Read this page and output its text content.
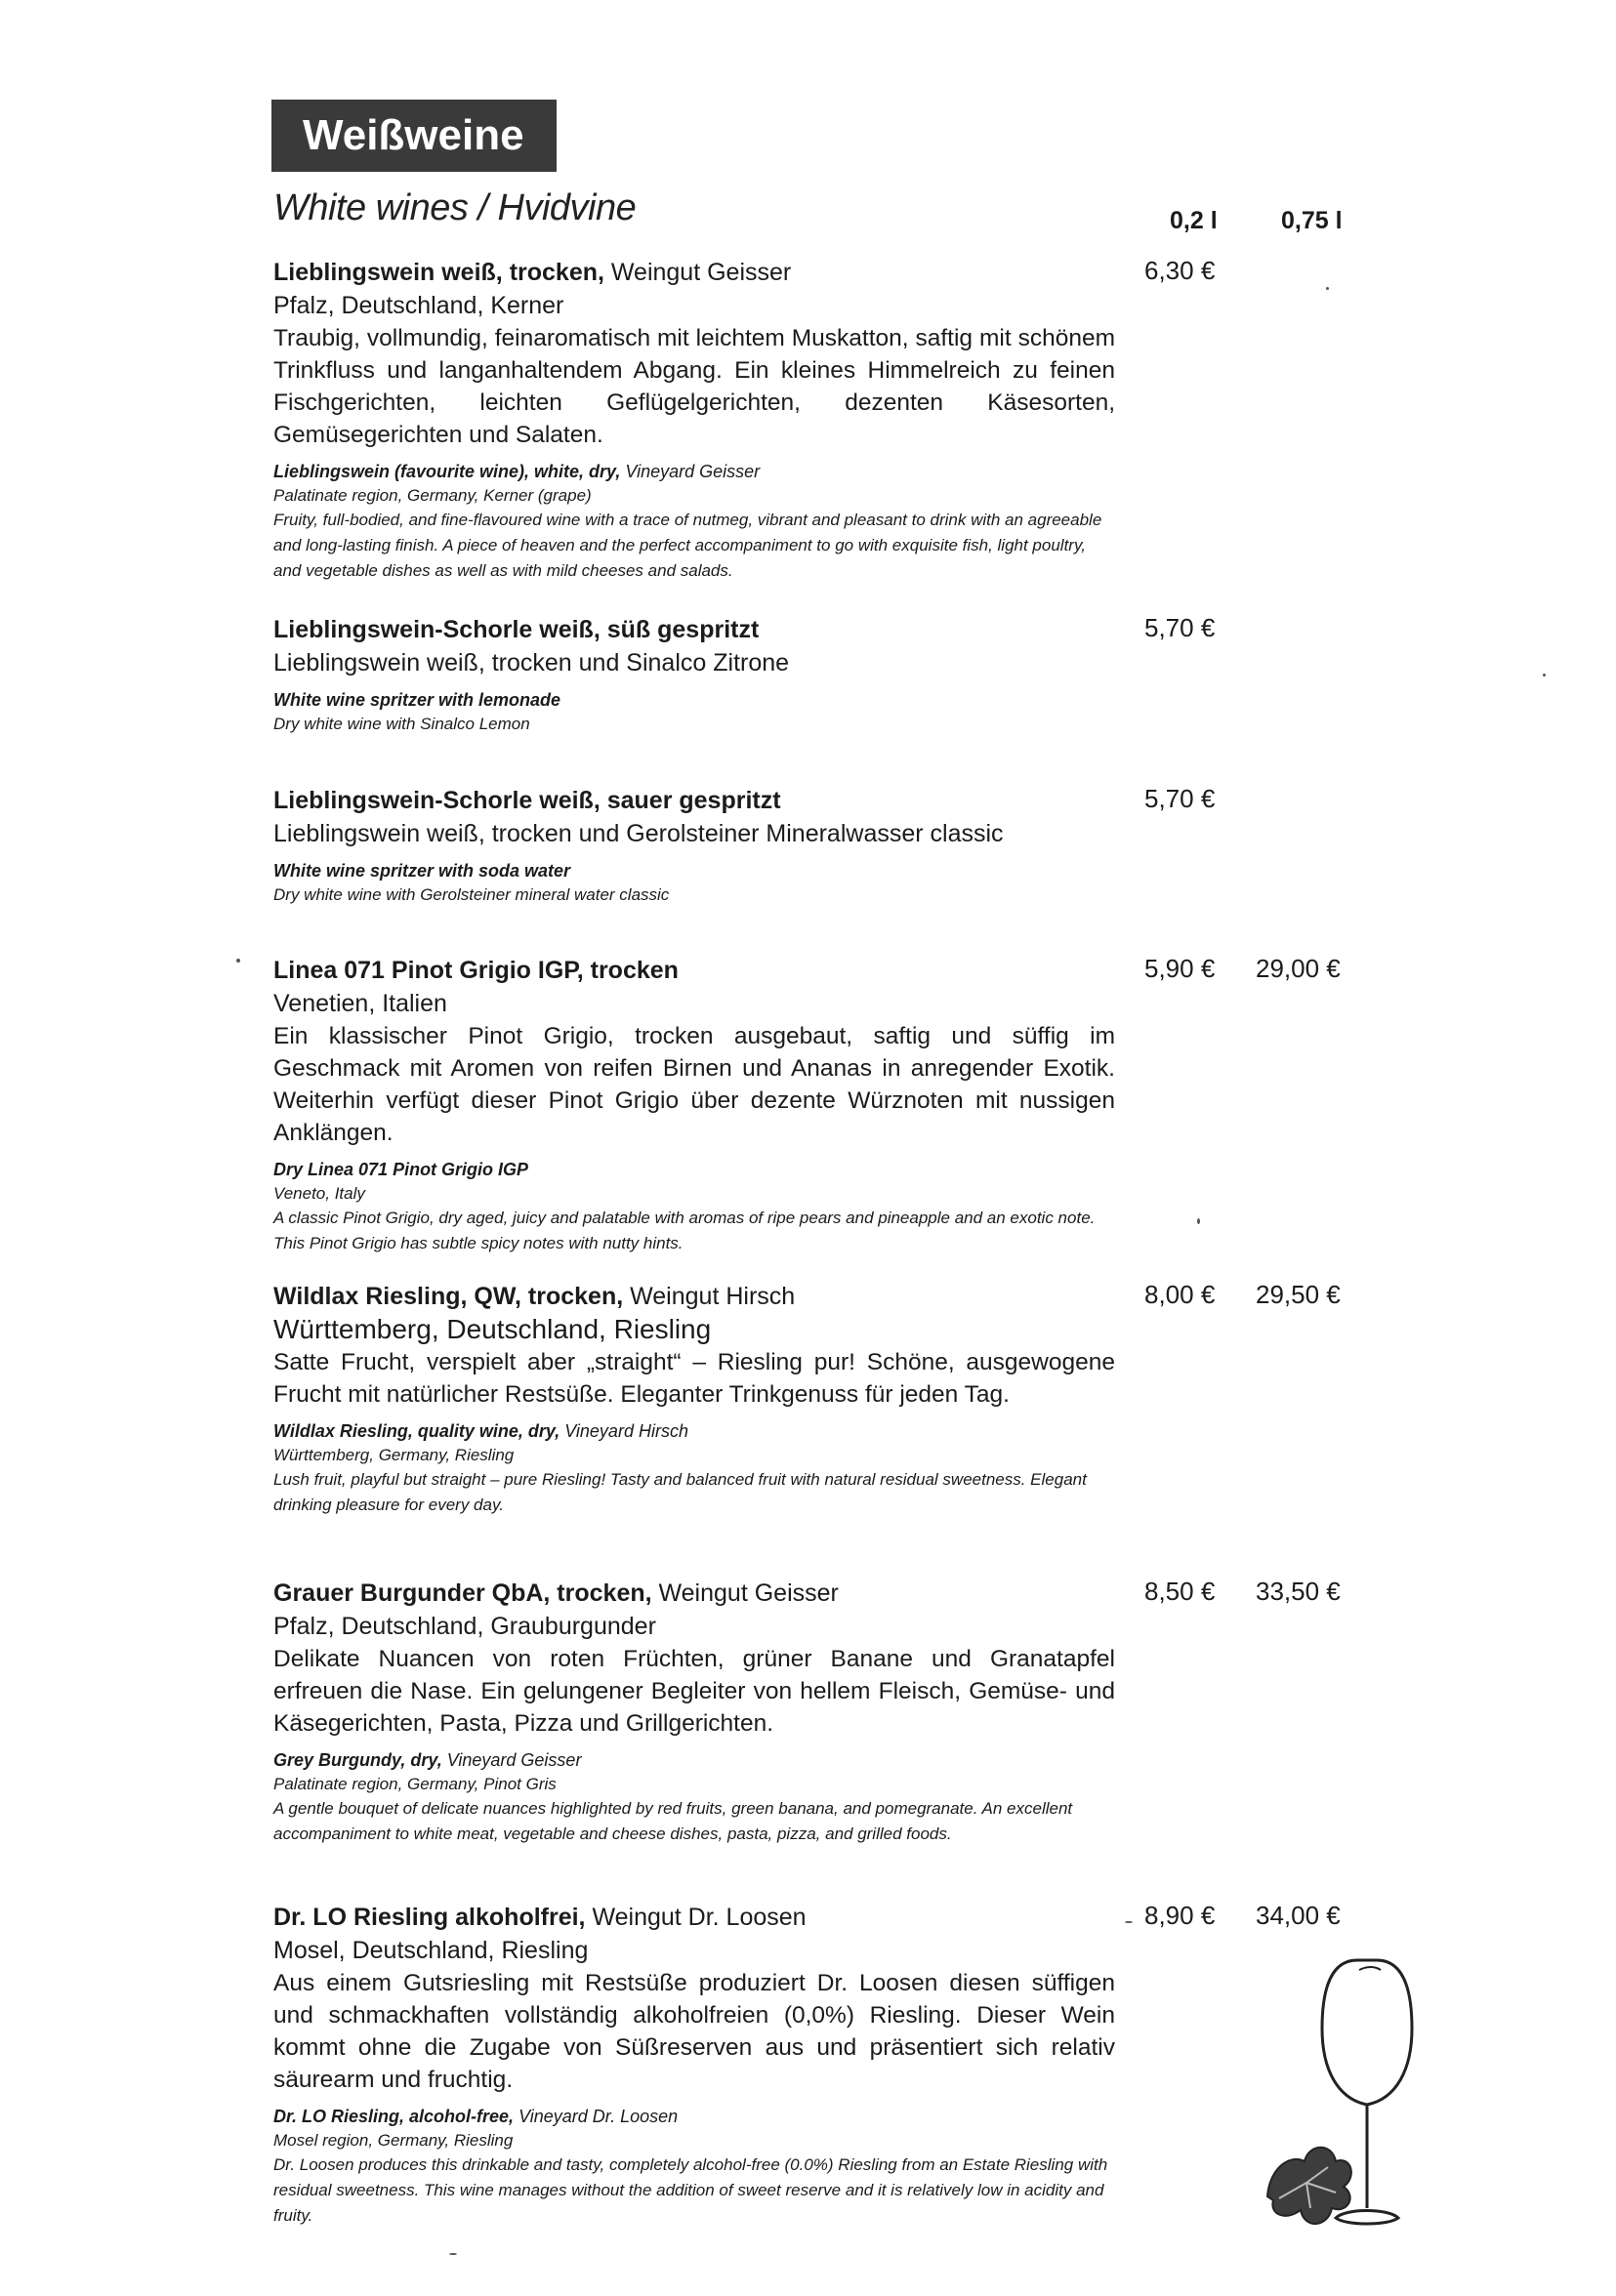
Weißweine
White wines / Hvidvine	0,2 l	0,75 l
Lieblingswein weiß, trocken, Weingut Geisser
Pfalz, Deutschland, Kerner
Traubig, vollmundig, feinaromatisch mit leichtem Muskatton, saftig mit schönem Trinkfluss und langanhaltendem Abgang. Ein kleines Himmelreich zu feinen Fischgerichten, leichten Geflügelgerichten, dezenten Käsesorten, Gemüsegerichten und Salaten.
Lieblingswein (favourite wine), white, dry, Vineyard Geisser
Palatinate region, Germany, Kerner (grape)
Fruity, full-bodied, and fine-flavoured wine with a trace of nutmeg, vibrant and pleasant to drink with an agreeable and long-lasting finish. A piece of heaven and the perfect accompaniment to go with exquisite fish, light poultry, and vegetable dishes as well as with mild cheeses and salads.
6,30 €
Lieblingswein-Schorle weiß, süß gespritzt
Lieblingswein weiß, trocken und Sinalco Zitrone
White wine spritzer with lemonade
Dry white wine with Sinalco Lemon
5,70 €
Lieblingswein-Schorle weiß, sauer gespritzt
Lieblingswein weiß, trocken und Gerolsteiner Mineralwasser classic
White wine spritzer with soda water
Dry white wine with Gerolsteiner mineral water classic
5,70 €
Linea 071 Pinot Grigio IGP, trocken
Venetien, Italien
Ein klassischer Pinot Grigio, trocken ausgebaut, saftig und süffig im Geschmack mit Aromen von reifen Birnen und Ananas in anregender Exotik. Weiterhin verfügt dieser Pinot Grigio über dezente Würznoten mit nussigen Anklängen.
Dry Linea 071 Pinot Grigio IGP
Veneto, Italy
A classic Pinot Grigio, dry aged, juicy and palatable with aromas of ripe pears and pineapple and an exotic note. This Pinot Grigio has subtle spicy notes with nutty hints.
5,90 € 29,00 €
Wildlax Riesling, QW, trocken, Weingut Hirsch
Württemberg, Deutschland, Riesling
Satte Frucht, verspielt aber „straight“ – Riesling pur! Schöne, ausgewogene Frucht mit natürlicher Restsüße. Eleganter Trinkgenuss für jeden Tag.
Wildlax Riesling, quality wine, dry, Vineyard Hirsch
Württemberg, Germany, Riesling
Lush fruit, playful but straight – pure Riesling! Tasty and balanced fruit with natural residual sweetness. Elegant drinking pleasure for every day.
8,00 € 29,50 €
Grauer Burgunder QbA, trocken, Weingut Geisser
Pfalz, Deutschland, Grauburgunder
Delikate Nuancen von roten Früchten, grüner Banane und Granatapfel erfreuen die Nase. Ein gelungener Begleiter von hellem Fleisch, Gemüse- und Käsegerichten, Pasta, Pizza und Grillgerichten.
Grey Burgundy, dry, Vineyard Geisser
Palatinate region, Germany, Pinot Gris
A gentle bouquet of delicate nuances highlighted by red fruits, green banana, and pomegranate. An excellent accompaniment to white meat, vegetable and cheese dishes, pasta, pizza, and grilled foods.
8,50 € 33,50 €
Dr. LO Riesling alkoholfrei, Weingut Dr. Loosen
Mosel, Deutschland, Riesling
Aus einem Gutsriesling mit Restsüße produziert Dr. Loosen diesen süffigen und schmackhaften vollständig alkoholfreien (0,0%) Riesling. Dieser Wein kommt ohne die Zugabe von Süßreserven aus und präsentiert sich relativ säurearm und fruchtig.
Dr. LO Riesling, alcohol-free, Vineyard Dr. Loosen
Mosel region, Germany, Riesling
Dr. Loosen produces this drinkable and tasty, completely alcohol-free (0.0%) Riesling from an Estate Riesling with residual sweetness. This wine manages without the addition of sweet reserve and it is relatively low in acidity and fruity.
8,90 € 34,00 €
